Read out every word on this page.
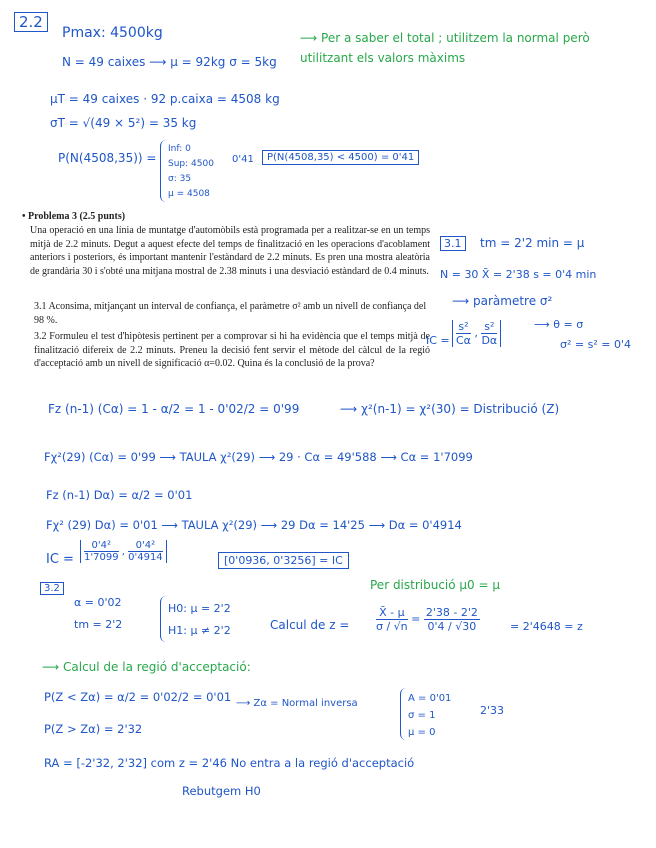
2.2
Pmax: 4500kg
N = 49 caixes ⟶ μ = 92kg σ = 5kg
⟶ Per a saber el total ; utilitzem la normal però utilitzant els valors màxims
μT = 49 caixes · 92 p.caixa = 4508 kg
σT = √(49 × 5²) = 35 kg
P(N(4508,35)) =
Inf: 0
Sup: 4500
σ: 35
μ = 4508
0'41	P(N(4508,35) < 4500) = 0'41
• Problema 3 (2.5 punts)
Una operació en una línia de muntatge d'automòbils està programada per a realitzar-se en un temps mitjà de 2.2 minuts. Degut a aquest efecte del temps de finalització en les operacions d'acoblament anteriors i posteriors, és important mantenir l'estàndard de 2.2 minuts. Es pren una mostra aleatòria de grandària 30 i s'obté una mitjana mostral de 2.38 minuts i una desviació estàndard de 0.4 minuts.
3.1 Aconsima, mitjançant un interval de confiança, el paràmetre σ² amb un nivell de confiança del 98 %.
3.2 Formuleu el test d'hipòtesis pertinent per a comprovar si hi ha evidència que el temps mitjà de finalització difereix de 2.2 minuts. Preneu la decisió fent servir el mètode del càlcul de la regió d'acceptació amb un nivell de significació α=0.02. Quina és la conclusió de la prova?
3.1	tm = 2'2 min = μ
N = 30 X̄ = 2'38 s = 0'4 min
⟶ paràmetre σ²
IC = $\frac{\text{s²}}{C\alpha}$ , $\frac{\text{s²}}{D\alpha}$	⟶ θ = σ
σ² = s² = 0'4
Fz (n-1) (Cα) = 1 - α/2 = 1 - 0'02/2 = 0'99	⟶ χ²(n-1) = χ²(30) = Distribució (Z)
Fχ²(29) (Cα) = 0'99 ⟶ TAULA χ²(29) ⟶ 29 · Cα = 49'588 ⟶ Cα = 1'7099
Fz (n-1) Dα) = α/2 = 0'01
Fχ² (29) Dα) = 0'01 ⟶ TAULA χ²(29) ⟶ 29 Dα = 14'25 ⟶ Dα = 0'4914
IC = $\frac{\text{0'4²}}{1'7099}$ , $\frac{\text{0'4²}}{0'4914}$	[0'0936, 0'3256] = IC
3.2
α = 0'02
tm = 2'2
H0: μ = 2'2
H1: μ ≠ 2'2
Per distribució μ0 = μ
Calcul de $z = \frac{X̄ - \mu}{\sigma / √n} = \frac{2'38 - 2'2}{0'4 / √30}$	= 2'4648 = z
⟶ Calcul de la regió d'acceptació:
P(Z < Zα) = α/2 = 0'02/2 = 0'01 ⟶ Zα = Normal inversa	A = 0'01
σ = 1
μ = 0
2'33
P(Z > Zα) = 2'32
RA = [-2'32, 2'32] com z = 2'46 No entra a la regió d'acceptació
Rebutgem H0
